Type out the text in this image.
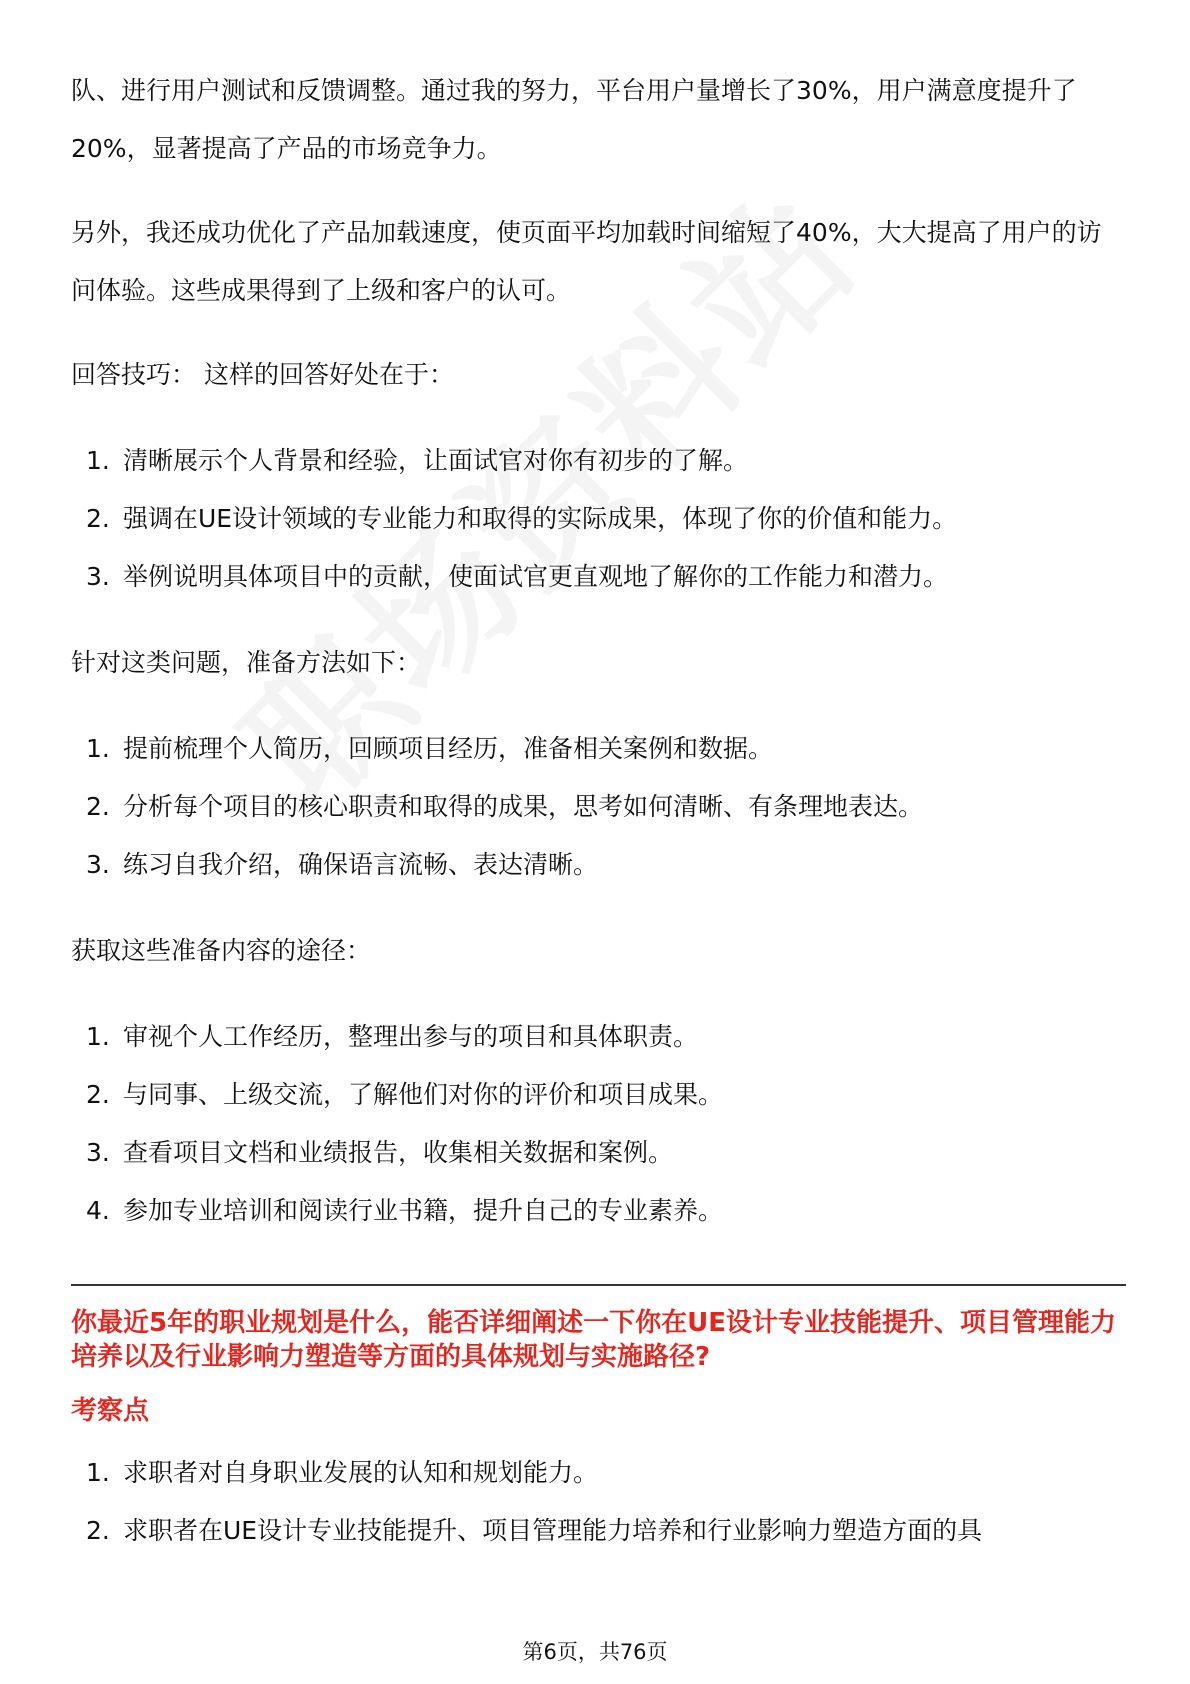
队、进行用户测试和反馈调整。通过我的努力，平台用户量增长了30%，用户满意度提升了20%，显著提高了产品的市场竞争力。

另外，我还成功优化了产品加载速度，使页面平均加载时间缩短了40%，大大提高了用户的访问体验。这些成果得到了上级和客户的认可。

回答技巧： 这样的回答好处在于：

1. 清晰展示个人背景和经验，让面试官对你有初步的了解。
2. 强调在UE设计领域的专业能力和取得的实际成果，体现了你的价值和能力。
3. 举例说明具体项目中的贡献，使面试官更直观地了解你的工作能力和潜力。

针对这类问题，准备方法如下：

1. 提前梳理个人简历，回顾项目经历，准备相关案例和数据。
2. 分析每个项目的核心职责和取得的成果，思考如何清晰、有条理地表达。
3. 练习自我介绍，确保语言流畅、表达清晰。

获取这些准备内容的途径：

1. 审视个人工作经历，整理出参与的项目和具体职责。
2. 与同事、上级交流，了解他们对你的评价和项目成果。
3. 查看项目文档和业绩报告，收集相关数据和案例。
4. 参加专业培训和阅读行业书籍，提升自己的专业素养。
你最近5年的职业规划是什么，能否详细阐述一下你在UE设计专业技能提升、项目管理能力培养以及行业影响力塑造等方面的具体规划与实施路径?
考察点
1. 求职者对自身职业发展的认知和规划能力。
2. 求职者在UE设计专业技能提升、项目管理能力培养和行业影响力塑造方面的具
第6页，共76页
